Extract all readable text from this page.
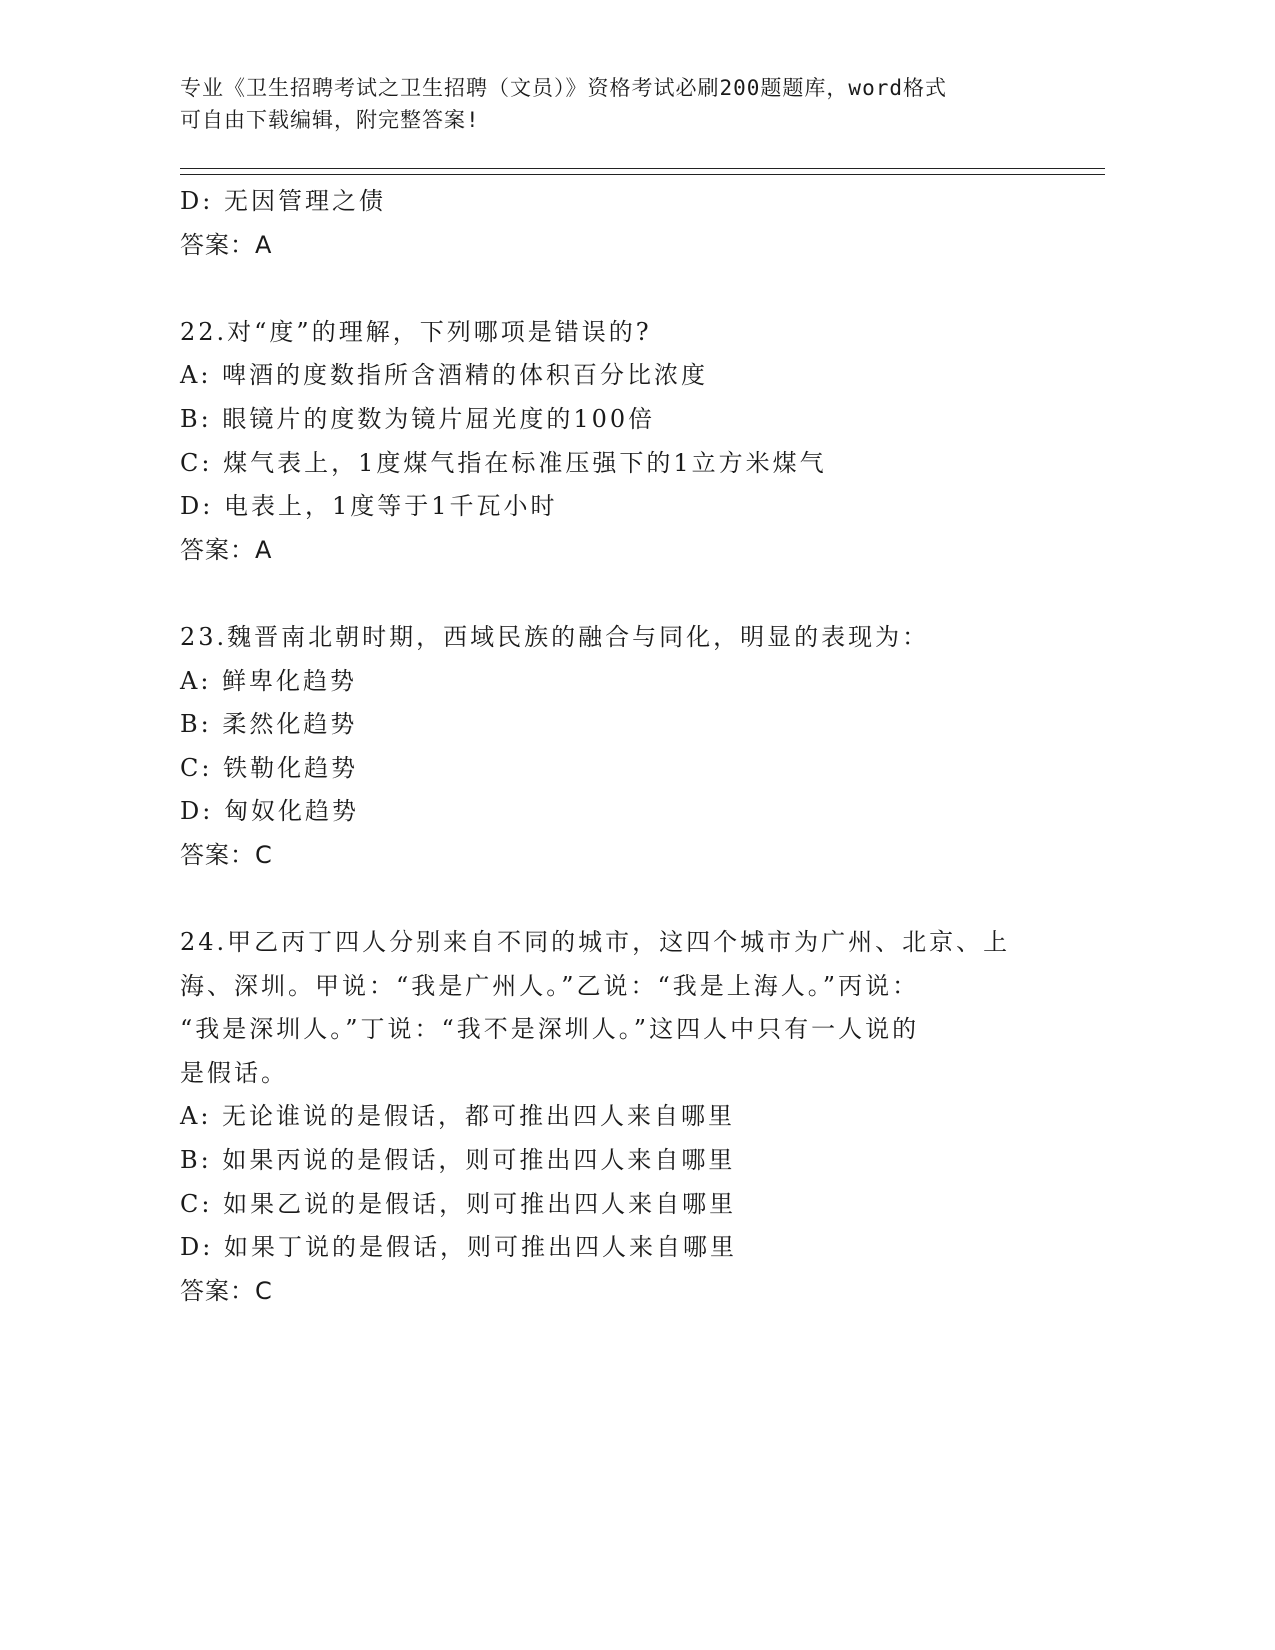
专业《卫生招聘考试之卫生招聘（文员）》资格考试必刷200题题库，word格式
可自由下载编辑，附完整答案!
D: 无因管理之债
答案：A
22.对“度”的理解，下列哪项是错误的?
A: 啤酒的度数指所含酒精的体积百分比浓度
B: 眼镜片的度数为镜片屈光度的100倍
C: 煤气表上，1度煤气指在标准压强下的1立方米煤气
D: 电表上，1度等于1千瓦小时
答案：A
23.魏晋南北朝时期，西域民族的融合与同化，明显的表现为：
A: 鲜卑化趋势
B: 柔然化趋势
C: 铁勒化趋势
D: 匈奴化趋势
答案：C
24.甲乙丙丁四人分别来自不同的城市，这四个城市为广州、北京、上
海、深圳。甲说：“我是广州人。”乙说：“我是上海人。”丙说：
“我是深圳人。”丁说：“我不是深圳人。”这四人中只有一人说的
是假话。
A: 无论谁说的是假话，都可推出四人来自哪里
B: 如果丙说的是假话，则可推出四人来自哪里
C: 如果乙说的是假话，则可推出四人来自哪里
D: 如果丁说的是假话，则可推出四人来自哪里
答案：C
